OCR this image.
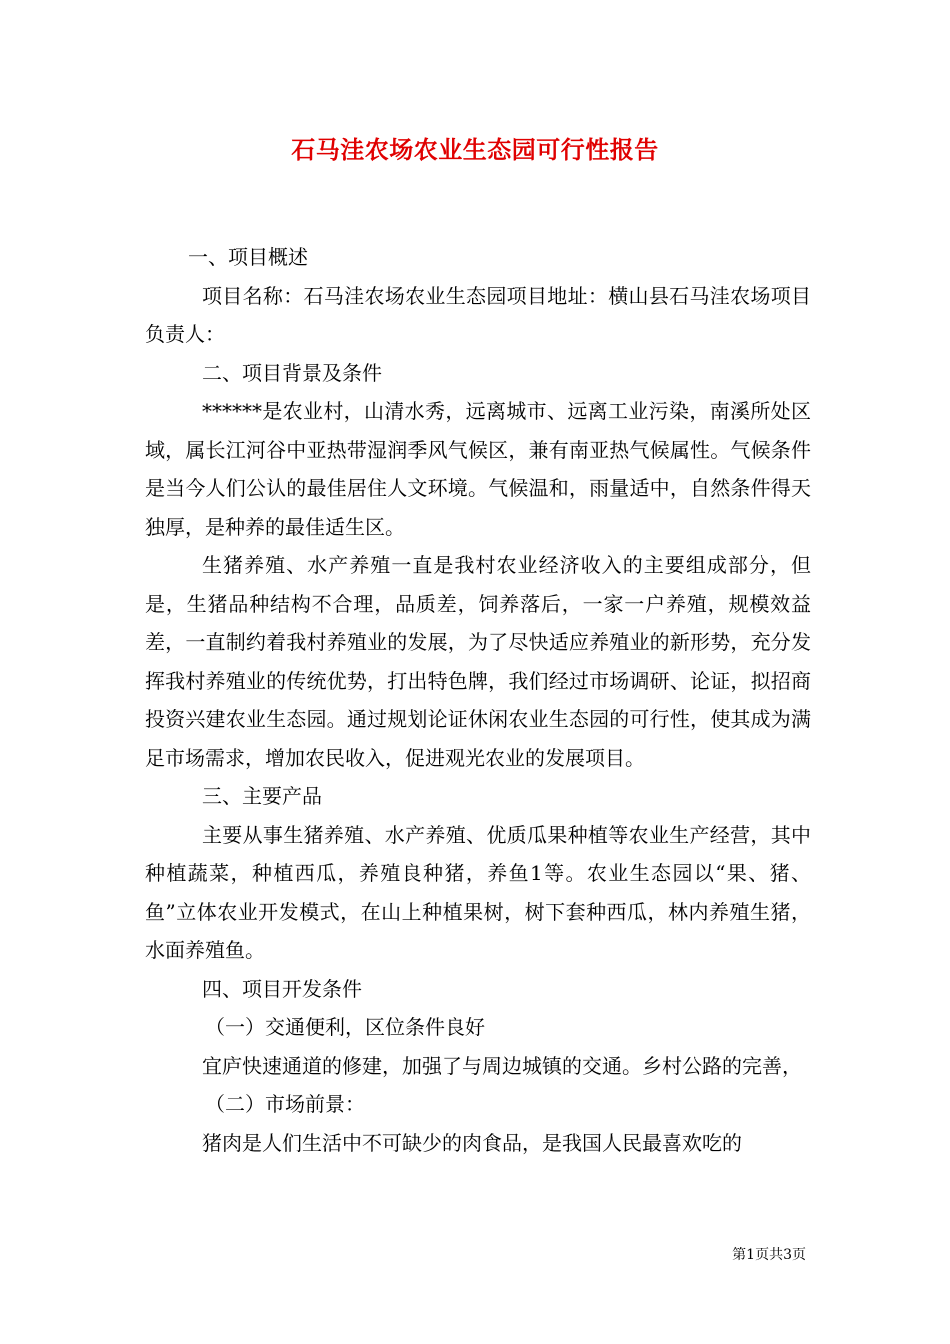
石马洼农场农业生态园可行性报告

一、项目概述

项目名称：石马洼农场农业生态园项目地址：横山县石马洼农场项目负责人：

二、项目背景及条件

******是农业村，山清水秀，远离城市、远离工业污染，南溪所处区域，属长江河谷中亚热带湿润季风气候区，兼有南亚热气候属性。气候条件是当今人们公认的最佳居住人文环境。气候温和，雨量适中，自然条件得天独厚，是种养的最佳适生区。

生猪养殖、水产养殖一直是我村农业经济收入的主要组成部分，但是，生猪品种结构不合理，品质差，饲养落后，一家一户养殖，规模效益差，一直制约着我村养殖业的发展，为了尽快适应养殖业的新形势，充分发挥我村养殖业的传统优势，打出特色牌，我们经过市场调研、论证，拟招商投资兴建农业生态园。通过规划论证休闲农业生态园的可行性，使其成为满足市场需求，增加农民收入，促进观光农业的发展项目。

三、主要产品

主要从事生猪养殖、水产养殖、优质瓜果种植等农业生产经营，其中种植蔬菜，种植西瓜，养殖良种猪，养鱼1等。农业生态园以“果、猪、鱼”立体农业开发模式，在山上种植果树，树下套种西瓜，林内养殖生猪，水面养殖鱼。

四、项目开发条件

（一）交通便利，区位条件良好

宜庐快速通道的修建，加强了与周边城镇的交通。乡村公路的完善，

（二）市场前景：

猪肉是人们生活中不可缺少的肉食品，是我国人民最喜欢吃的

第1页共3页
